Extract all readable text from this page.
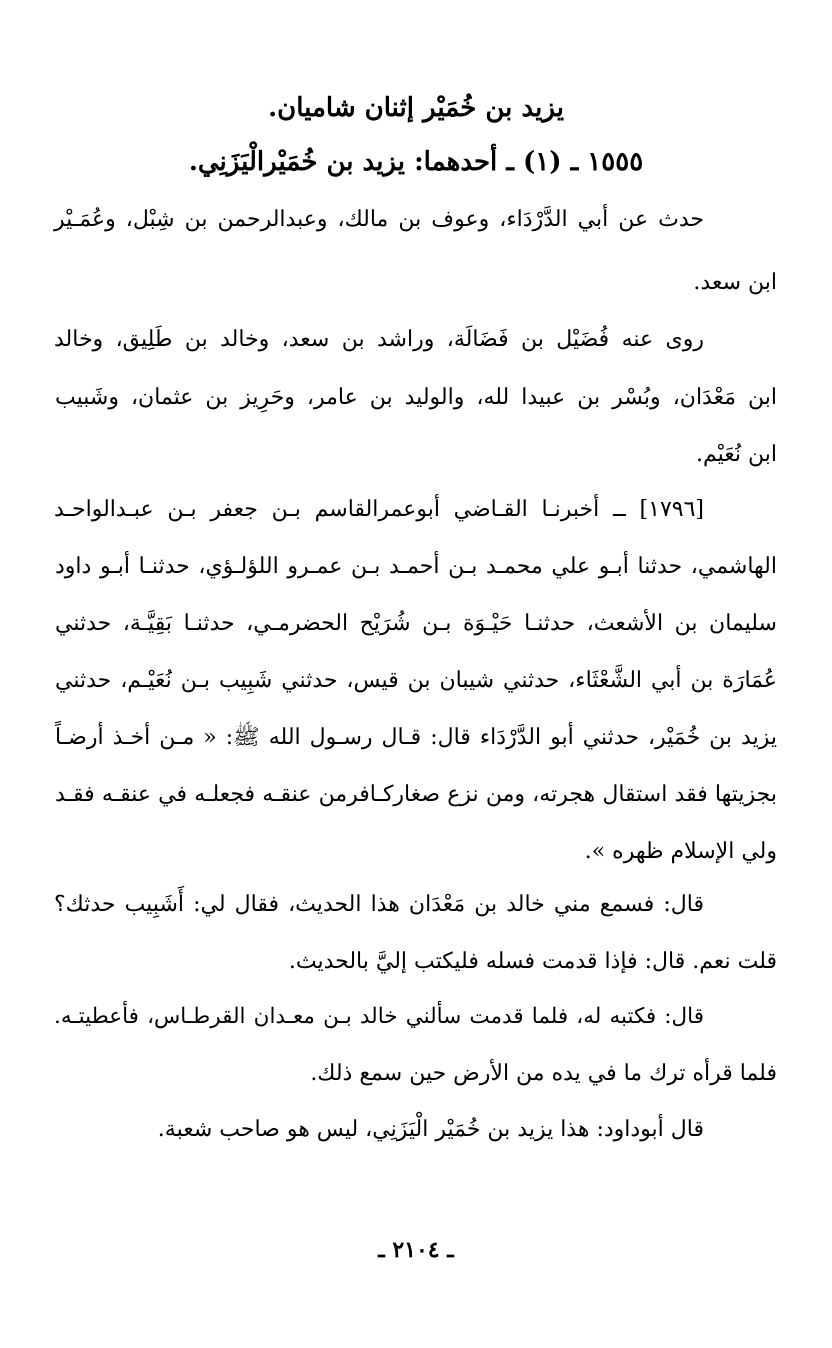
يزيد بن خُمَيْر إثنان شاميان.
١٥٥٥ ـ (١) ـ أحدهما: يزيد بن خُمَيْرالْيَزَنِي.
حدث عن أبي الدَّرْدَاء، وعوف بن مالك، وعبدالرحمن بن شِبْل، وعُمَـيْر
ابن سعد.
روى عنه فُضَيْل بن فَضَالَة، وراشد بن سعد، وخالد بن طَلِيق، وخالد
ابن مَعْدَان، وبُسْر بن عبيدا لله، والوليد بن عامر، وحَرِيز بن عثمان، وشَبيب
ابن نُعَيْم.
[١٧٩٦] ــ أخبرنـا القـاضي أبوعمرالقاسم بـن جعفر بـن عبـدالواحـد
الهاشمي، حدثنا أبـو علي محمـد بـن أحمـد بـن عمـرو اللؤلـؤي، حدثنـا أبـو داود
سليمان بن الأشعث، حدثنـا حَيْـوَة بـن شُرَيْح الحضرمـي، حدثنـا بَقِيَّـة، حدثني
عُمَارَة بن أبي الشَّعْثَاء، حدثني شيبان بن قيس، حدثني شَبِيب بـن نُعَيْـم، حدثني
يزيد بن خُمَيْر، حدثني أبو الدَّرْدَاء قال: قـال رسـول الله ﷺ: « مـن أخـذ أرضـاً
بجزيتها فقد استقال هجرته، ومن نزع صغاركـافرمن عنقـه فجعلـه في عنقـه فقـد
ولي الإسلام ظهره ».
قال: فسمع مني خالد بن مَعْدَان هذا الحديث، فقال لي: أَشَبِيب حدثك؟
قلت نعم. قال: فإذا قدمت فسله فليكتب إليَّ بالحديث.
قال: فكتبه له، فلما قدمت سألني خالد بـن معـدان القرطـاس، فأعطيتـه.
فلما قرأه ترك ما في يده من الأرض حين سمع ذلك.
قال أبوداود: هذا يزيد بن خُمَيْر الْيَزَنِي، ليس هو صاحب شعبة.
ـ ٢١٠٤ ـ
